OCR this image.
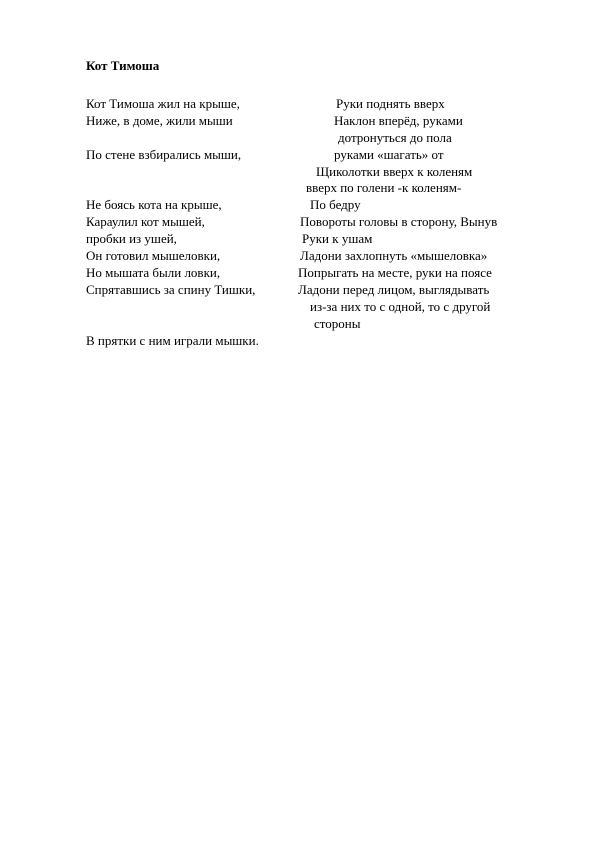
Кот Тимоша
Кот Тимоша жил на крыше,
Ниже, в доме, жили мыши
По стене взбирались мыши,
Не боясь кота на крыше,
Караулил кот мышей,
пробки из ушей,
Он готовил мышеловки,
Но мышата были ловки,
Спрятавшись за спину Тишки,
В прятки с ним играли мышки.
Руки поднять вверх
Наклон вперёд, руками
дотронуться до пола
руками «шагать» от
Щиколотки вверх к коленям
вверх по голени -к коленям-
По бедру
Повороты головы в сторону, Вынув
Руки к ушам
Ладони захлопнуть «мышеловка»
Попрыгать на месте, руки на поясе
Ладони перед лицом, выглядывать
из-за них то с одной, то с другой
стороны
